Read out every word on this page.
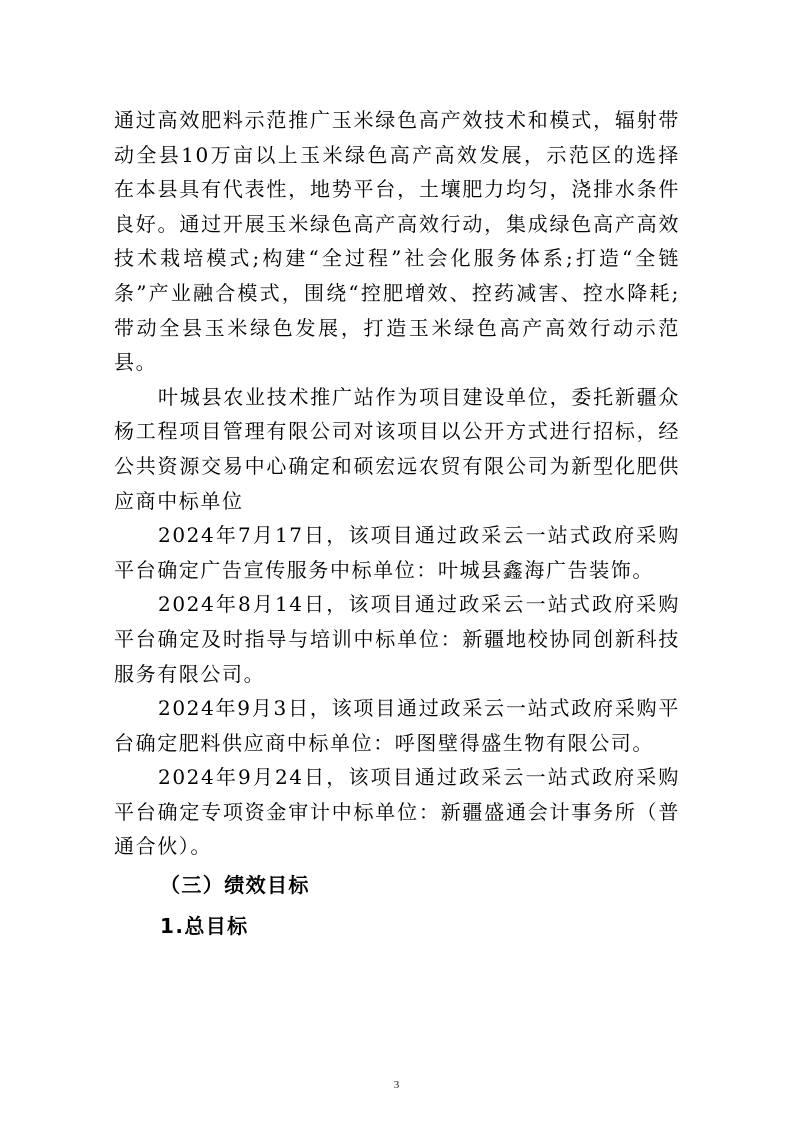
通过高效肥料示范推广玉米绿色高产效技术和模式，辐射带动全县10万亩以上玉米绿色高产高效发展，示范区的选择在本县具有代表性，地势平台，土壤肥力均匀，浇排水条件良好。通过开展玉米绿色高产高效行动，集成绿色高产高效技术栽培模式;构建“全过程”社会化服务体系;打造“全链条”产业融合模式，围绕“控肥增效、控药减害、控水降耗;带动全县玉米绿色发展，打造玉米绿色高产高效行动示范县。

叶城县农业技术推广站作为项目建设单位，委托新疆众杨工程项目管理有限公司对该项目以公开方式进行招标，经公共资源交易中心确定和硕宏远农贸有限公司为新型化肥供应商中标单位

2024年7月17日，该项目通过政采云一站式政府采购平台确定广告宣传服务中标单位：叶城县鑫海广告装饰。

2024年8月14日，该项目通过政采云一站式政府采购平台确定及时指导与培训中标单位：新疆地校协同创新科技服务有限公司。

2024年9月3日，该项目通过政采云一站式政府采购平台确定肥料供应商中标单位：呼图壁得盛生物有限公司。

2024年9月24日，该项目通过政采云一站式政府采购平台确定专项资金审计中标单位：新疆盛通会计事务所（普通合伙）。

（三）绩效目标
1.总目标
3
